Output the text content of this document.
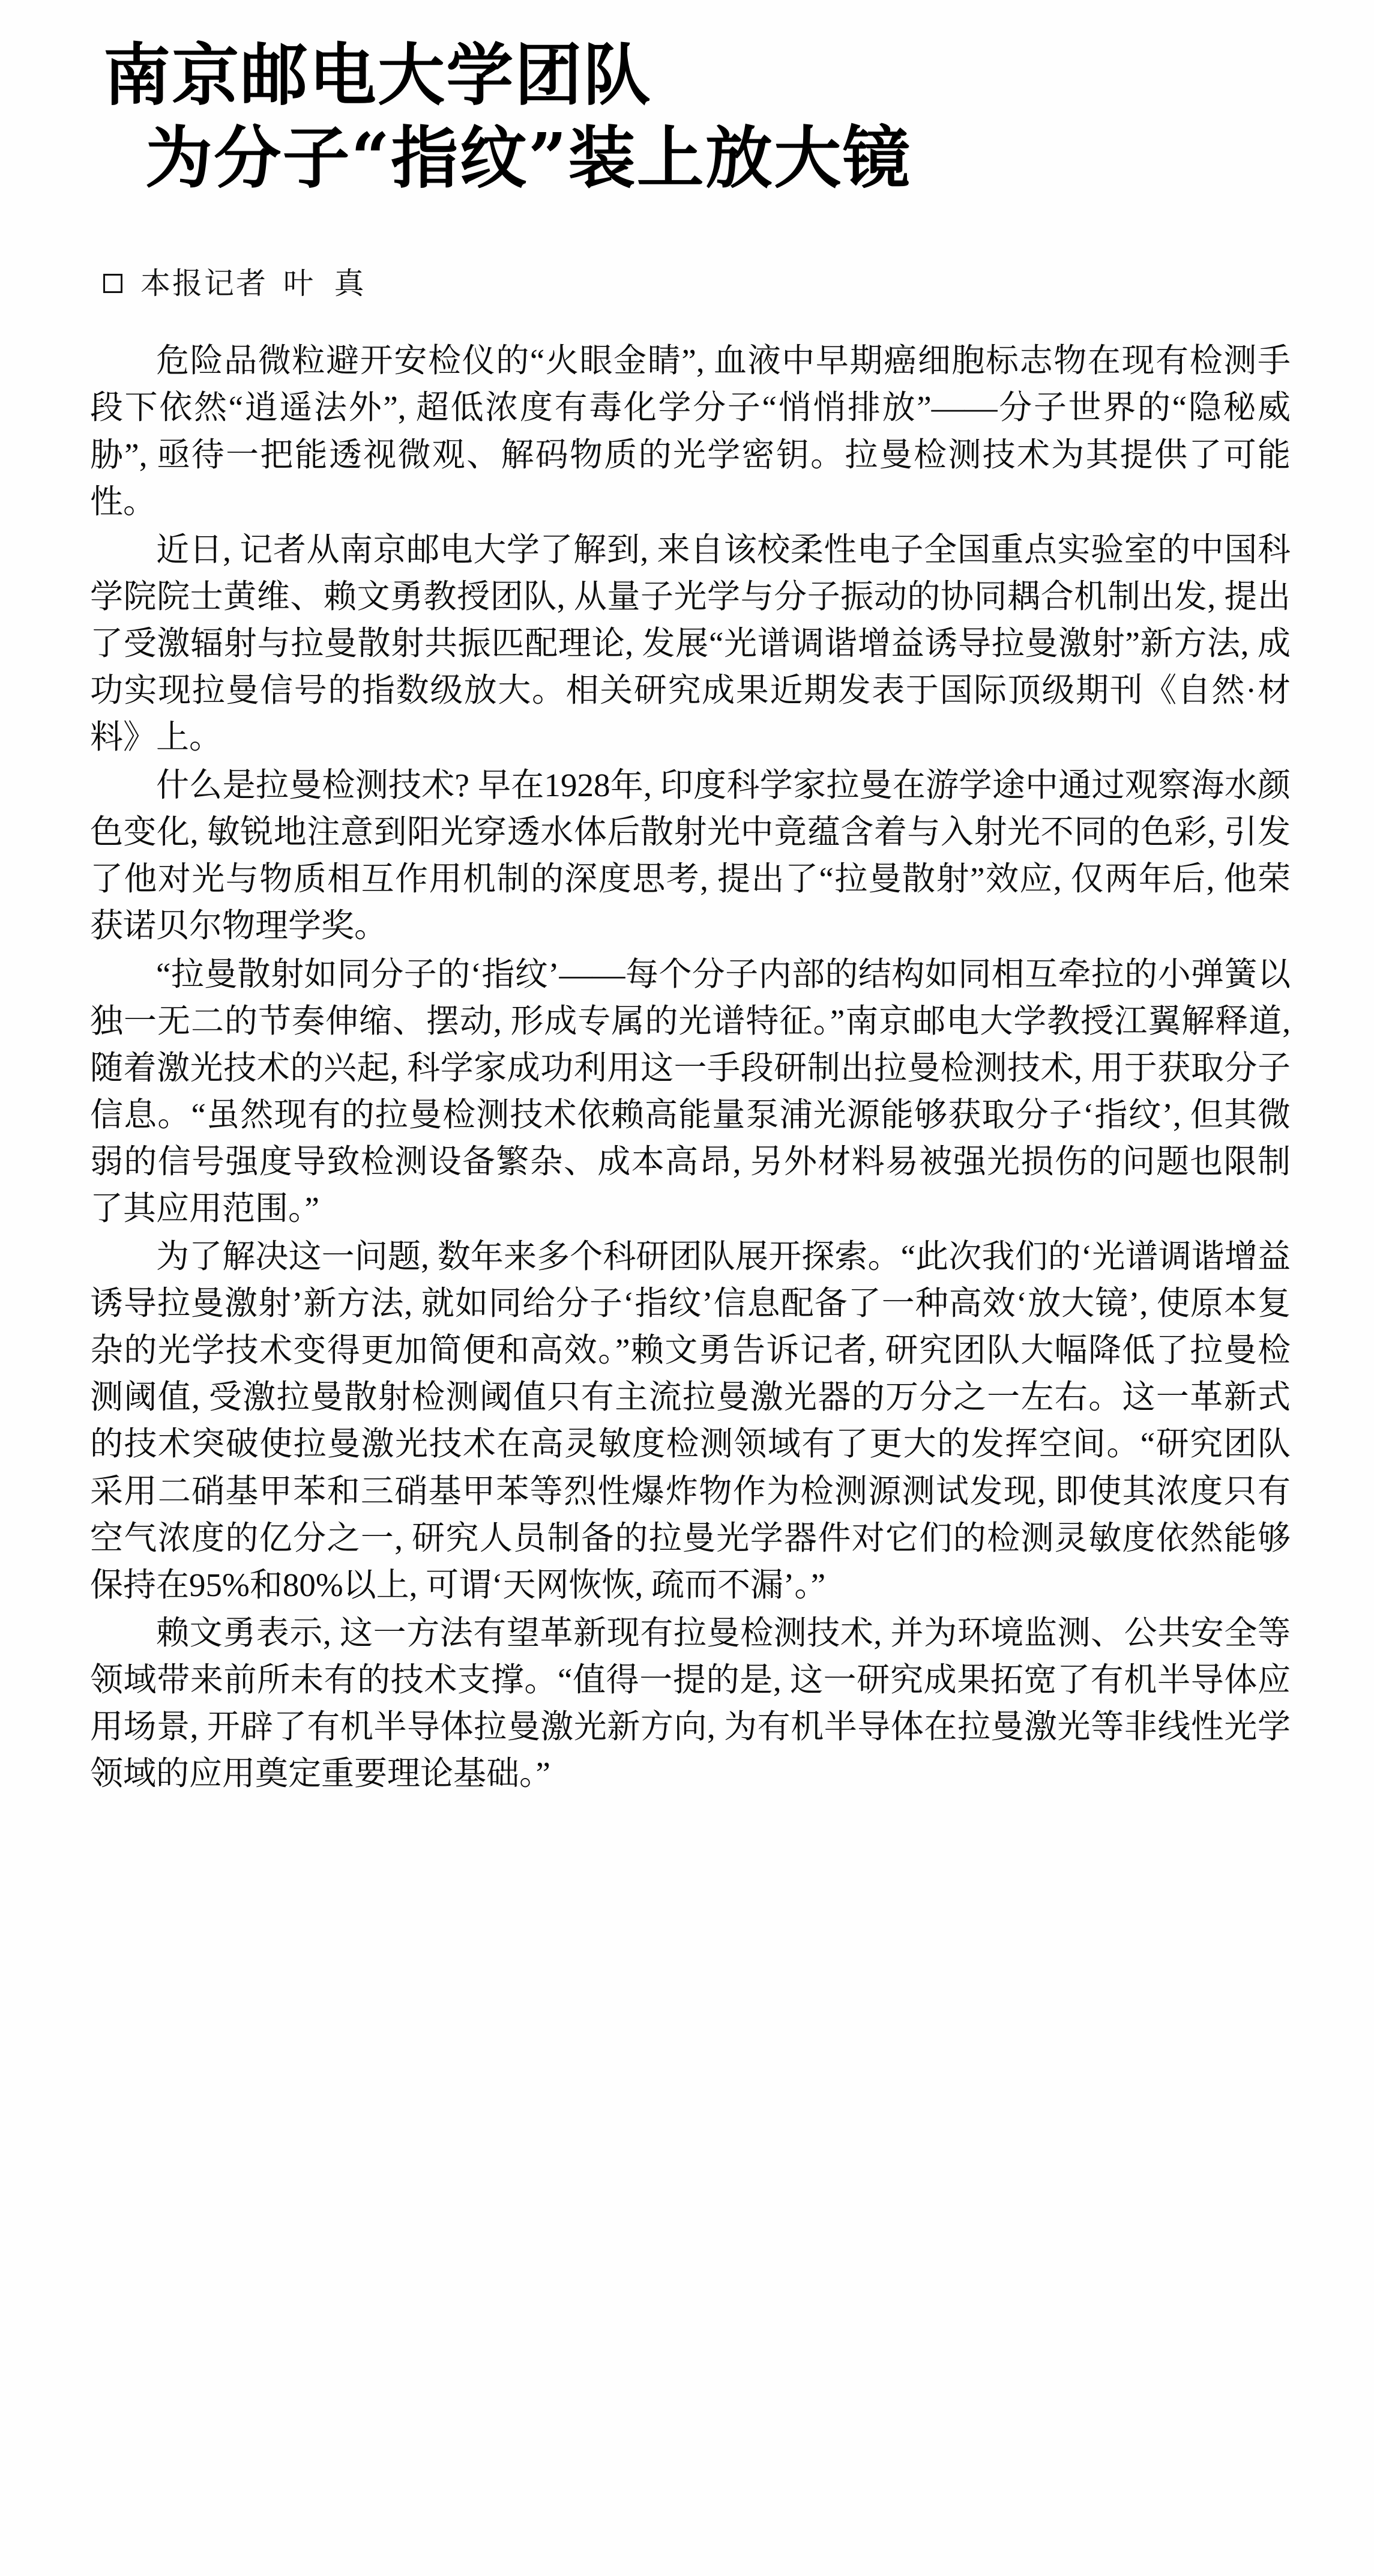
南京邮电大学团队
为分子“指纹”装上放大镜
本报记者 叶 真

危险品微粒避开安检仪的“火眼金睛”, 血液中早期癌细胞标志物在现有检测手段下依然“逍遥法外”, 超低浓度有毒化学分子“悄悄排放”——分子世界的“隐秘威胁”, 亟待一把能透视微观、解码物质的光学密钥。拉曼检测技术为其提供了可能性。

近日, 记者从南京邮电大学了解到, 来自该校柔性电子全国重点实验室的中国科学院院士黄维、赖文勇教授团队, 从量子光学与分子振动的协同耦合机制出发, 提出了受激辐射与拉曼散射共振匹配理论, 发展“光谱调谐增益诱导拉曼激射”新方法, 成功实现拉曼信号的指数级放大。相关研究成果近期发表于国际顶级期刊《自然·材料》上。

什么是拉曼检测技术? 早在1928年, 印度科学家拉曼在游学途中通过观察海水颜色变化, 敏锐地注意到阳光穿透水体后散射光中竟蕴含着与入射光不同的色彩, 引发了他对光与物质相互作用机制的深度思考, 提出了“拉曼散射”效应, 仅两年后, 他荣获诺贝尔物理学奖。

“拉曼散射如同分子的‘指纹’——每个分子内部的结构如同相互牵拉的小弹簧以独一无二的节奏伸缩、摆动, 形成专属的光谱特征。”南京邮电大学教授江翼解释道, 随着激光技术的兴起, 科学家成功利用这一手段研制出拉曼检测技术, 用于获取分子信息。“虽然现有的拉曼检测技术依赖高能量泵浦光源能够获取分子‘指纹’, 但其微弱的信号强度导致检测设备繁杂、成本高昂, 另外材料易被强光损伤的问题也限制了其应用范围。”

为了解决这一问题, 数年来多个科研团队展开探索。“此次我们的‘光谱调谐增益诱导拉曼激射’新方法, 就如同给分子‘指纹’信息配备了一种高效‘放大镜’, 使原本复杂的光学技术变得更加简便和高效。”赖文勇告诉记者, 研究团队大幅降低了拉曼检测阈值, 受激拉曼散射检测阈值只有主流拉曼激光器的万分之一左右。这一革新式的技术突破使拉曼激光技术在高灵敏度检测领域有了更大的发挥空间。“研究团队采用二硝基甲苯和三硝基甲苯等烈性爆炸物作为检测源测试发现, 即使其浓度只有空气浓度的亿分之一, 研究人员制备的拉曼光学器件对它们的检测灵敏度依然能够保持在95%和80%以上, 可谓‘天网恢恢, 疏而不漏’。”

赖文勇表示, 这一方法有望革新现有拉曼检测技术, 并为环境监测、公共安全等领域带来前所未有的技术支撑。“值得一提的是, 这一研究成果拓宽了有机半导体应用场景, 开辟了有机半导体拉曼激光新方向, 为有机半导体在拉曼激光等非线性光学领域的应用奠定重要理论基础。”
